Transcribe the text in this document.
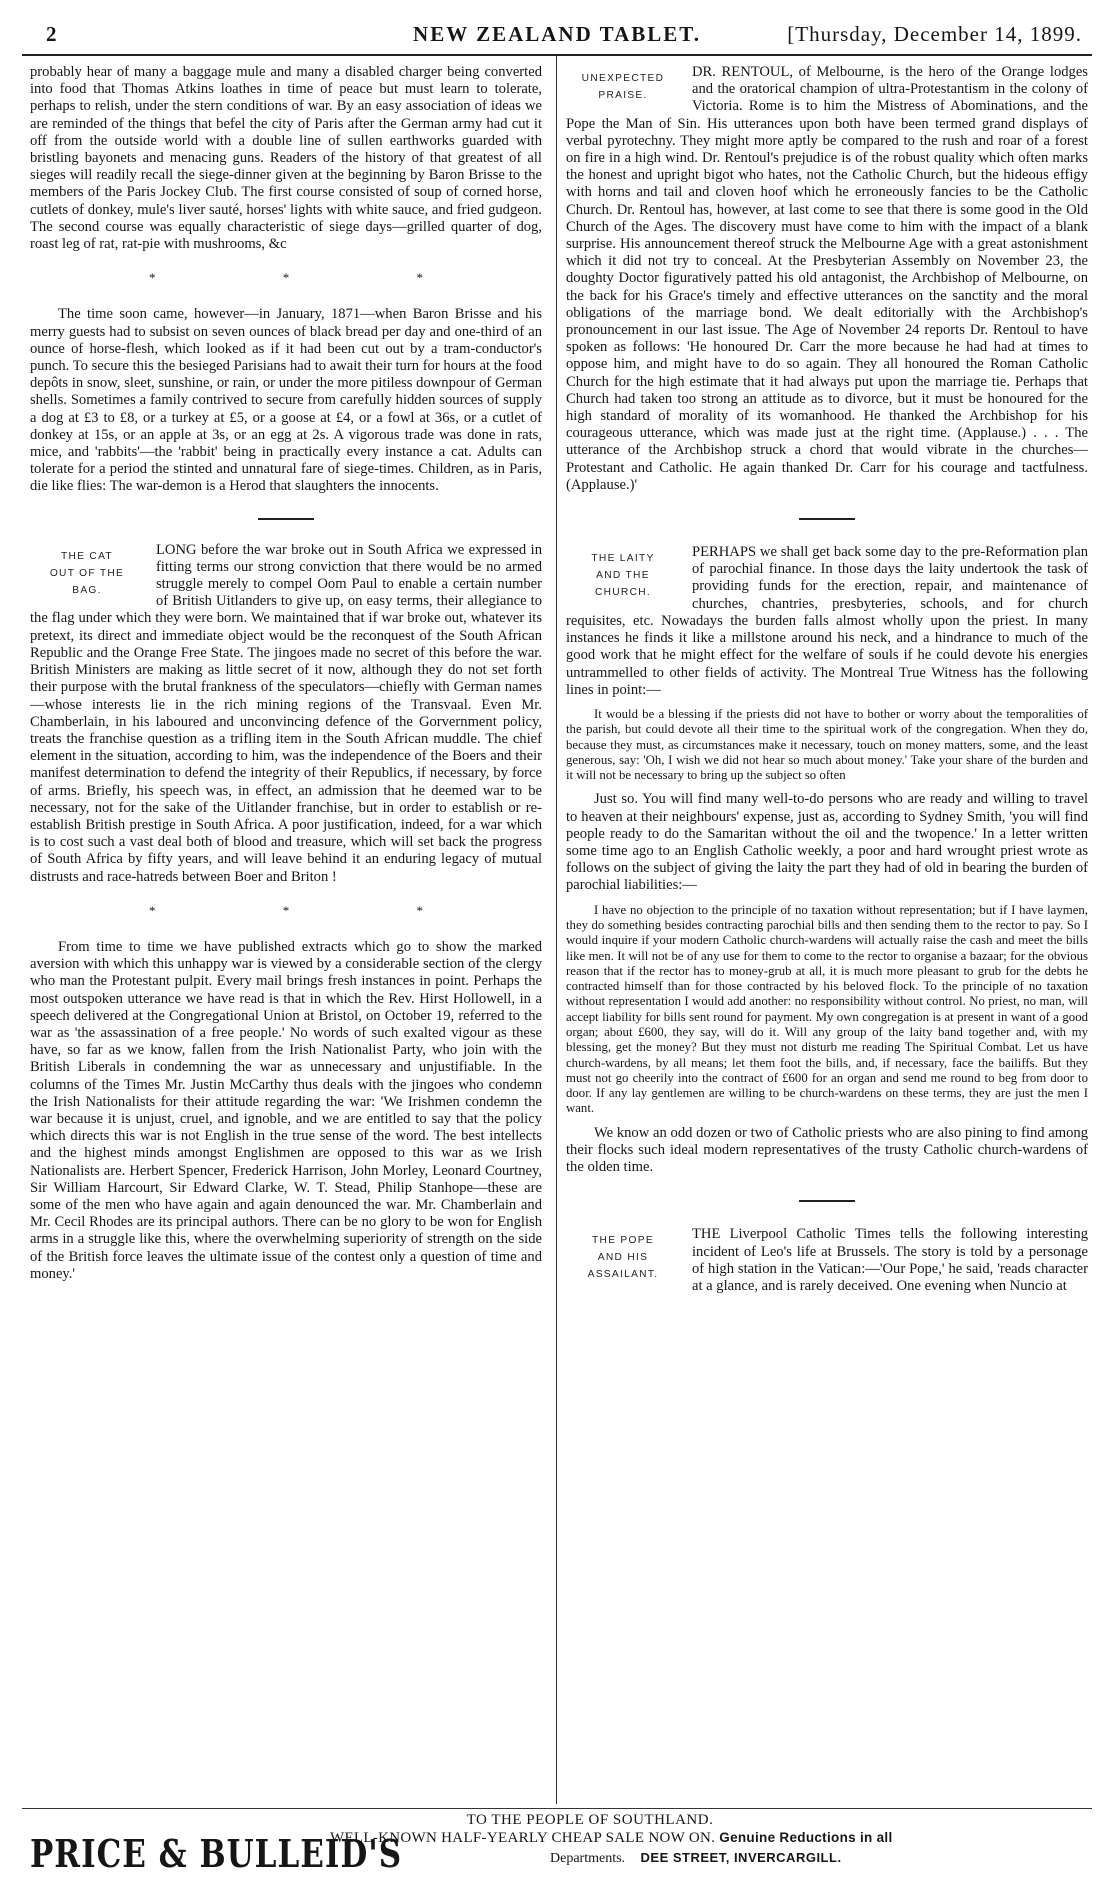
2	NEW ZEALAND TABLET.	[Thursday, December 14, 1899.

probably hear of many a baggage mule and many a disabled charger being converted into food that Thomas Atkins loathes in time of peace but must learn to tolerate, perhaps to relish, under the stern conditions of war. By an easy association of ideas we are reminded of the things that befel the city of Paris after the German army had cut it off from the outside world with a double line of sullen earthworks guarded with bristling bayonets and menacing guns. Readers of the history of that greatest of all sieges will readily recall the siege-dinner given at the beginning by Baron Brisse to the members of the Paris Jockey Club. The first course consisted of soup of corned horse, cutlets of donkey, mule's liver sauté, horses' lights with white sauce, and fried gudgeon. The second course was equally characteristic of siege days—grilled quarter of dog, roast leg of rat, rat-pie with mushrooms, &c

* * *

The time soon came, however—in January, 1871—when Baron Brisse and his merry guests had to subsist on seven ounces of black bread per day and one-third of an ounce of horse-flesh, which looked as if it had been cut out by a tram-conductor's punch. To secure this the besieged Parisians had to await their turn for hours at the food depôts in snow, sleet, sunshine, or rain, or under the more pitiless downpour of German shells. Sometimes a family contrived to secure from carefully hidden sources of supply a dog at £3 to £8, or a turkey at £5, or a goose at £4, or a fowl at 36s, or a cutlet of donkey at 15s, or an apple at 3s, or an egg at 2s. A vigorous trade was done in rats, mice, and 'rabbits'—the 'rabbit' being in practically every instance a cat. Adults can tolerate for a period the stinted and unnatural fare of siege-times. Children, as in Paris, die like flies: The war-demon is a Herod that slaughters the innocents.

THE CAT
OUT OF THE
BAG.

LONG before the war broke out in South Africa we expressed in fitting terms our strong conviction that there would be no armed struggle merely to compel Oom Paul to enable a certain number of British Uitlanders to give up, on easy terms, their allegiance to the flag under which they were born. We maintained that if war broke out, whatever its pretext, its direct and immediate object would be the reconquest of the South African Republic and the Orange Free State. The jingoes made no secret of this before the war. British Ministers are making as little secret of it now, although they do not set forth their purpose with the brutal frankness of the speculators—chiefly with German names—whose interests lie in the rich mining regions of the Transvaal. Even Mr. Chamberlain, in his laboured and unconvincing defence of the Gorvernment policy, treats the franchise question as a trifling item in the South African muddle. The chief element in the situation, according to him, was the independence of the Boers and their manifest determination to defend the integrity of their Republics, if necessary, by force of arms. Briefly, his speech was, in effect, an admission that he deemed war to be necessary, not for the sake of the Uitlander franchise, but in order to establish or re-establish British prestige in South Africa. A poor justification, indeed, for a war which is to cost such a vast deal both of blood and treasure, which will set back the progress of South Africa by fifty years, and will leave behind it an enduring legacy of mutual distrusts and race-hatreds between Boer and Briton !

* * *

From time to time we have published extracts which go to show the marked aversion with which this unhappy war is viewed by a considerable section of the clergy who man the Protestant pulpit. Every mail brings fresh instances in point. Perhaps the most outspoken utterance we have read is that in which the Rev. Hirst Hollowell, in a speech delivered at the Congregational Union at Bristol, on October 19, referred to the war as 'the assassination of a free people.' No words of such exalted vigour as these have, so far as we know, fallen from the Irish Nationalist Party, who join with the British Liberals in condemning the war as unnecessary and unjustifiable. In the columns of the Times Mr. Justin McCarthy thus deals with the jingoes who condemn the Irish Nationalists for their attitude regarding the war: 'We Irishmen condemn the war because it is unjust, cruel, and ignoble, and we are entitled to say that the policy which directs this war is not English in the true sense of the word. The best intellects and the highest minds amongst Englishmen are opposed to this war as we Irish Nationalists are. Herbert Spencer, Frederick Harrison, John Morley, Leonard Courtney, Sir William Harcourt, Sir Edward Clarke, W. T. Stead, Philip Stanhope—these are some of the men who have again and again denounced the war. Mr. Chamberlain and Mr. Cecil Rhodes are its principal authors. There can be no glory to be won for English arms in a struggle like this, where the overwhelming superiority of strength on the side of the British force leaves the ultimate issue of the contest only a question of time and money.'

UNEXPECTED
PRAISE.

DR. RENTOUL, of Melbourne, is the hero of the Orange lodges and the oratorical champion of ultra-Protestantism in the colony of Victoria. Rome is to him the Mistress of Abominations, and the Pope the Man of Sin. His utterances upon both have been termed grand displays of verbal pyrotechny. They might more aptly be compared to the rush and roar of a forest on fire in a high wind. Dr. Rentoul's prejudice is of the robust quality which often marks the honest and upright bigot who hates, not the Catholic Church, but the hideous effigy with horns and tail and cloven hoof which he erroneously fancies to be the Catholic Church. Dr. Rentoul has, however, at last come to see that there is some good in the Old Church of the Ages. The discovery must have come to him with the impact of a blank surprise. His announcement thereof struck the Melbourne Age with a great astonishment which it did not try to conceal. At the Presbyterian Assembly on November 23, the doughty Doctor figuratively patted his old antagonist, the Archbishop of Melbourne, on the back for his Grace's timely and effective utterances on the sanctity and the moral obligations of the marriage bond. We dealt editorially with the Archbishop's pronouncement in our last issue. The Age of November 24 reports Dr. Rentoul to have spoken as follows: 'He honoured Dr. Carr the more because he had had at times to oppose him, and might have to do so again. They all honoured the Roman Catholic Church for the high estimate that it had always put upon the marriage tie. Perhaps that Church had taken too strong an attitude as to divorce, but it must be honoured for the high standard of morality of its womanhood. He thanked the Archbishop for his courageous utterance, which was made just at the right time. (Applause.) . . . The utterance of the Archbishop struck a chord that would vibrate in the churches—Protestant and Catholic. He again thanked Dr. Carr for his courage and tactfulness. (Applause.)'

THE LAITY
AND THE
CHURCH.

PERHAPS we shall get back some day to the pre-Reformation plan of parochial finance. In those days the laity undertook the task of providing funds for the erection, repair, and maintenance of churches, chantries, presbyteries, schools, and for church requisites, etc. Nowadays the burden falls almost wholly upon the priest. In many instances he finds it like a millstone around his neck, and a hindrance to much of the good work that he might effect for the welfare of souls if he could devote his energies untrammelled to other fields of activity. The Montreal True Witness has the following lines in point:—

It would be a blessing if the priests did not have to bother or worry about the temporalities of the parish, but could devote all their time to the spiritual work of the congregation. When they do, because they must, as circumstances make it necessary, touch on money matters, some, and the least generous, say: 'Oh, I wish we did not hear so much about money.' Take your share of the burden and it will not be necessary to bring up the subject so often

Just so. You will find many well-to-do persons who are ready and willing to travel to heaven at their neighbours' expense, just as, according to Sydney Smith, 'you will find people ready to do the Samaritan without the oil and the twopence.' In a letter written some time ago to an English Catholic weekly, a poor and hard wrought priest wrote as follows on the subject of giving the laity the part they had of old in bearing the burden of parochial liabilities:—

I have no objection to the principle of no taxation without representation; but if I have laymen, they do something besides contracting parochial bills and then sending them to the rector to pay. So I would inquire if your modern Catholic church-wardens will actually raise the cash and meet the bills like men. It will not be of any use for them to come to the rector to organise a bazaar; for the obvious reason that if the rector has to money-grub at all, it is much more pleasant to grub for the debts he contracted himself than for those contracted by his beloved flock. To the principle of no taxation without representation I would add another: no responsibility without control. No priest, no man, will accept liability for bills sent round for payment. My own congregation is at present in want of a good organ; about £600, they say, will do it. Will any group of the laity band together and, with my blessing, get the money? But they must not disturb me reading The Spiritual Combat. Let us have church-wardens, by all means; let them foot the bills, and, if necessary, face the bailiffs. But they must not go cheerily into the contract of £600 for an organ and send me round to beg from door to door. If any lay gentlemen are willing to be church-wardens on these terms, they are just the men I want.

We know an odd dozen or two of Catholic priests who are also pining to find among their flocks such ideal modern representatives of the trusty Catholic church-wardens of the olden time.

THE POPE
AND HIS
ASSAILANT.

THE Liverpool Catholic Times tells the following interesting incident of Leo's life at Brussels. The story is told by a personage of high station in the Vatican:—'Our Pope,' he said, 'reads character at a glance, and is rarely deceived. One evening when Nuncio at

PRICE & BULLEID'S
TO THE PEOPLE OF SOUTHLAND.
WELL-KNOWN HALF-YEARLY CHEAP SALE NOW ON. Genuine Reductions in all
Departments. DEE STREET, INVERCARGILL.
